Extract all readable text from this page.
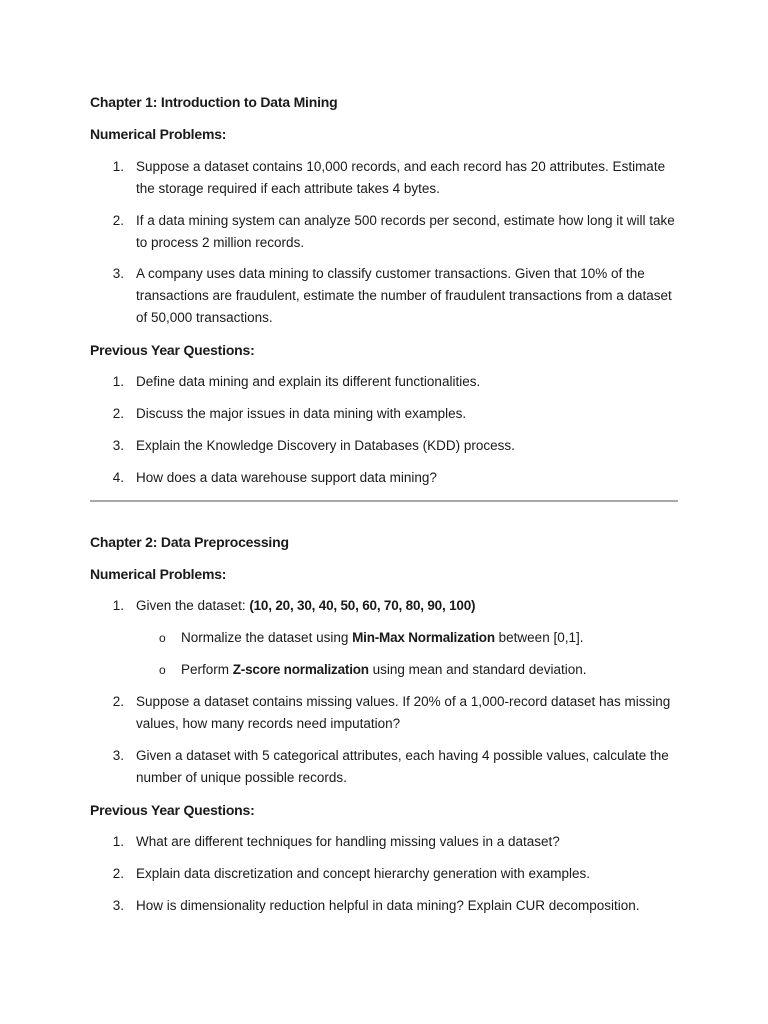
Chapter 1: Introduction to Data Mining
Numerical Problems:
1. Suppose a dataset contains 10,000 records, and each record has 20 attributes. Estimate the storage required if each attribute takes 4 bytes.
2. If a data mining system can analyze 500 records per second, estimate how long it will take to process 2 million records.
3. A company uses data mining to classify customer transactions. Given that 10% of the transactions are fraudulent, estimate the number of fraudulent transactions from a dataset of 50,000 transactions.
Previous Year Questions:
1. Define data mining and explain its different functionalities.
2. Discuss the major issues in data mining with examples.
3. Explain the Knowledge Discovery in Databases (KDD) process.
4. How does a data warehouse support data mining?
Chapter 2: Data Preprocessing
Numerical Problems:
1. Given the dataset: (10, 20, 30, 40, 50, 60, 70, 80, 90, 100)
o Normalize the dataset using Min-Max Normalization between [0,1].
o Perform Z-score normalization using mean and standard deviation.
2. Suppose a dataset contains missing values. If 20% of a 1,000-record dataset has missing values, how many records need imputation?
3. Given a dataset with 5 categorical attributes, each having 4 possible values, calculate the number of unique possible records.
Previous Year Questions:
1. What are different techniques for handling missing values in a dataset?
2. Explain data discretization and concept hierarchy generation with examples.
3. How is dimensionality reduction helpful in data mining? Explain CUR decomposition.
